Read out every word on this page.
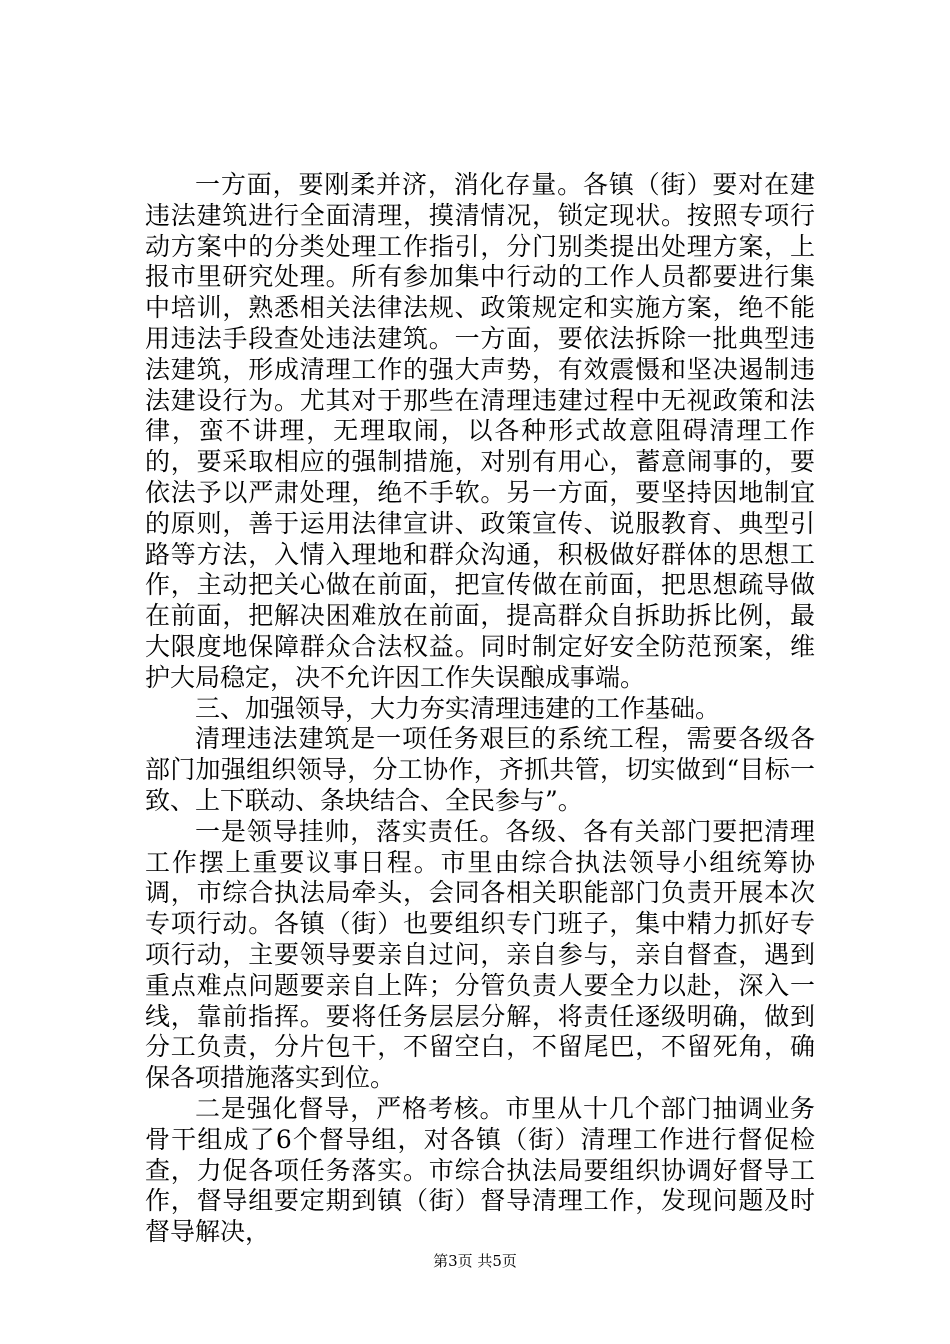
一方面，要刚柔并济，消化存量。各镇（街）要对在建违法建筑进行全面清理，摸清情况，锁定现状。按照专项行动方案中的分类处理工作指引，分门别类提出处理方案，上报市里研究处理。所有参加集中行动的工作人员都要进行集中培训，熟悉相关法律法规、政策规定和实施方案，绝不能用违法手段查处违法建筑。一方面，要依法拆除一批典型违法建筑，形成清理工作的强大声势，有效震慑和坚决遏制违法建设行为。尤其对于那些在清理违建过程中无视政策和法律，蛮不讲理，无理取闹，以各种形式故意阻碍清理工作的，要采取相应的强制措施，对别有用心，蓄意闹事的，要依法予以严肃处理，绝不手软。另一方面，要坚持因地制宜的原则，善于运用法律宣讲、政策宣传、说服教育、典型引路等方法，入情入理地和群众沟通，积极做好群体的思想工作，主动把关心做在前面，把宣传做在前面，把思想疏导做在前面，把解决困难放在前面，提高群众自拆助拆比例，最大限度地保障群众合法权益。同时制定好安全防范预案，维护大局稳定，决不允许因工作失误酿成事端。

三、加强领导，大力夯实清理违建的工作基础。

清理违法建筑是一项任务艰巨的系统工程，需要各级各部门加强组织领导，分工协作，齐抓共管，切实做到“目标一致、上下联动、条块结合、全民参与”。

一是领导挂帅，落实责任。各级、各有关部门要把清理工作摆上重要议事日程。市里由综合执法领导小组统筹协调，市综合执法局牵头，会同各相关职能部门负责开展本次专项行动。各镇（街）也要组织专门班子，集中精力抓好专项行动，主要领导要亲自过问，亲自参与，亲自督查，遇到重点难点问题要亲自上阵；分管负责人要全力以赴，深入一线，靠前指挥。要将任务层层分解，将责任逐级明确，做到分工负责，分片包干，不留空白，不留尾巴，不留死角，确保各项措施落实到位。

二是强化督导，严格考核。市里从十几个部门抽调业务骨干组成了6个督导组，对各镇（街）清理工作进行督促检查，力促各项任务落实。市综合执法局要组织协调好督导工作，督导组要定期到镇（街）督导清理工作，发现问题及时督导解决，

第3页 共5页
